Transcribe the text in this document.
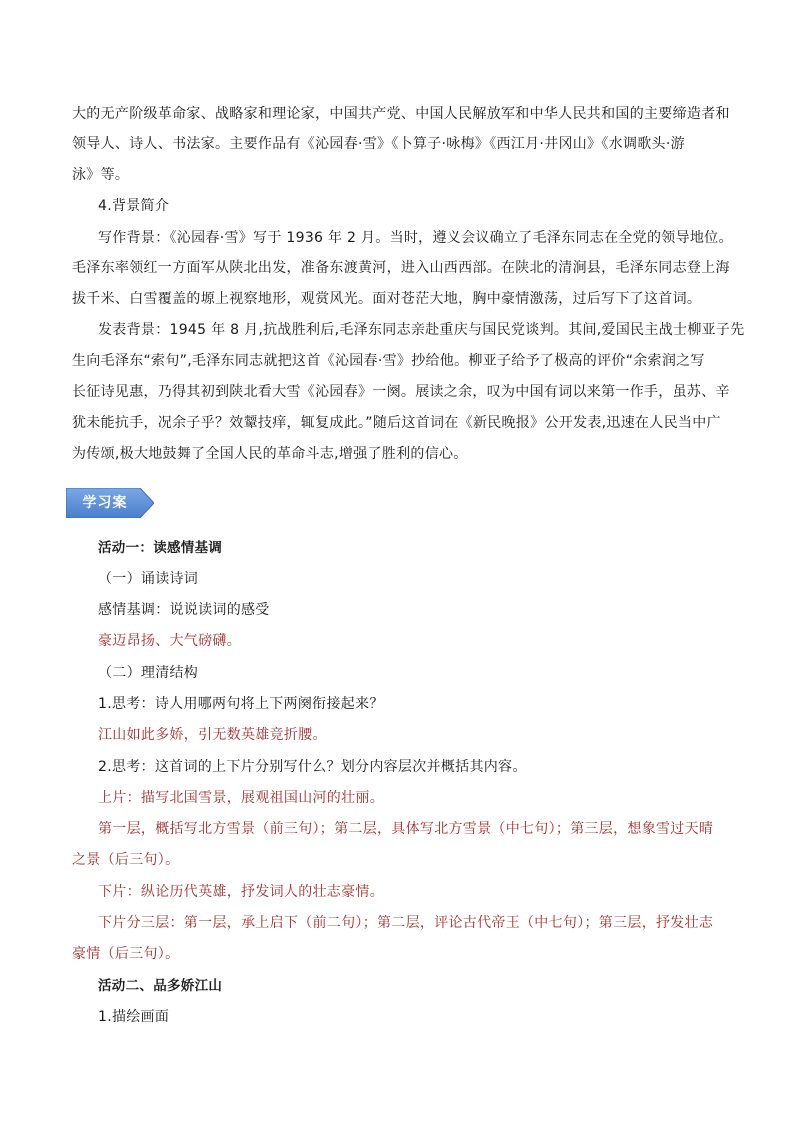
大的无产阶级革命家、战略家和理论家，中国共产党、中国人民解放军和中华人民共和国的主要缔造者和
领导人、诗人、书法家。主要作品有《沁园春·雪》《卜算子·咏梅》《西江月·井冈山》《水调歌头·游
泳》等。
4.背景简介
写作背景：《沁园春·雪》写于 1936 年 2 月。当时，遵义会议确立了毛泽东同志在全党的领导地位。
毛泽东率领红一方面军从陕北出发，准备东渡黄河，进入山西西部。在陕北的清涧县，毛泽东同志登上海
拔千米、白雪覆盖的塬上视察地形，观赏风光。面对苍茫大地，胸中豪情激荡，过后写下了这首词。
发表背景：1945 年 8 月,抗战胜利后,毛泽东同志亲赴重庆与国民党谈判。其间,爱国民主战士柳亚子先
生向毛泽东“索句”,毛泽东同志就把这首《沁园春·雪》抄给他。柳亚子给予了极高的评价“余索润之写
长征诗见惠，乃得其初到陕北看大雪《沁园春》一阕。展读之余，叹为中国有词以来第一作手，虽苏、辛
犹未能抗手，况余子乎？效颦技痒，辄复成此。”随后这首词在《新民晚报》公开发表,迅速在人民当中广
为传颂,极大地鼓舞了全国人民的革命斗志,增强了胜利的信心。
学习案
活动一：读感情基调
（一）诵读诗词
感情基调：说说读词的感受
豪迈昂扬、大气磅礴。
（二）理清结构
1.思考：诗人用哪两句将上下两阕衔接起来？
江山如此多娇，引无数英雄竞折腰。
2.思考：这首词的上下片分别写什么？划分内容层次并概括其内容。
上片：描写北国雪景，展观祖国山河的壮丽。
第一层，概括写北方雪景（前三句）；第二层，具体写北方雪景（中七句）；第三层，想象雪过天晴
之景（后三句）。
下片：纵论历代英雄，抒发词人的壮志豪情。
下片分三层：第一层，承上启下（前二句）；第二层，评论古代帝王（中七句）；第三层，抒发壮志
豪情（后三句）。
活动二、品多娇江山
1.描绘画面
